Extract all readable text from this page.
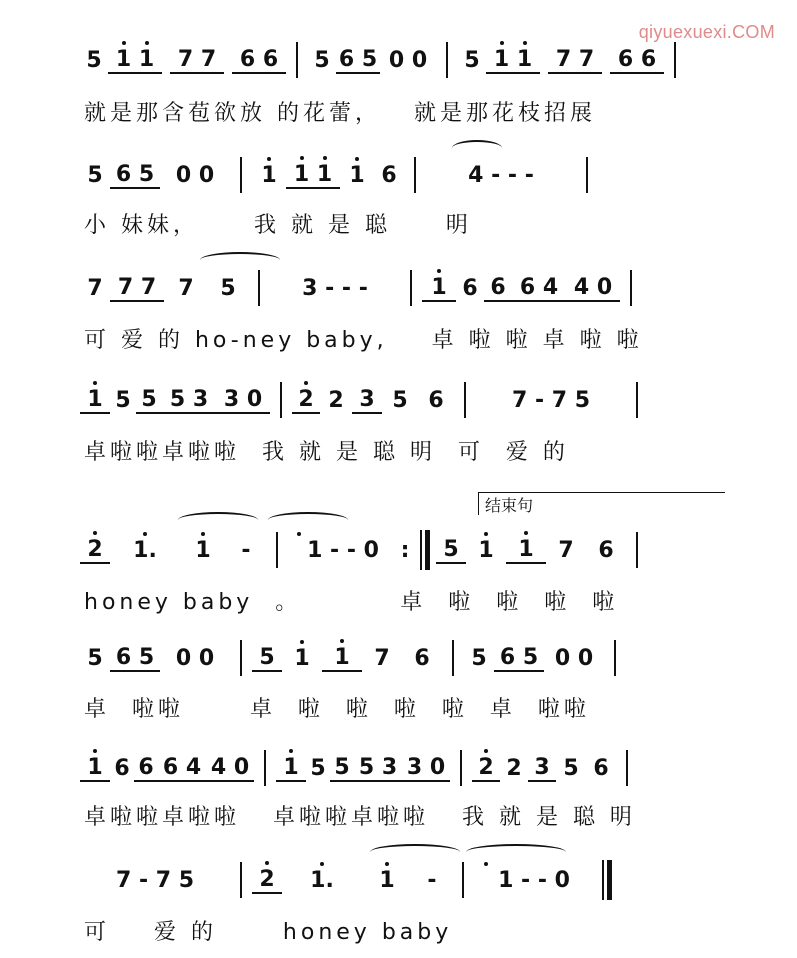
qiyuexuexi.COM
5 1 1	7 7	6 6	5 6 5 0 0	5 1 1	7 7	6 6
就是那含苞欲放 的花蕾，   就是那花枝招展
5 6 5 0 0	1 1 1 1 6	4 - - -
小 妹妹，     我 就 是 聪     明
7 7 7	7	5	3 - - -	1 6 6 6 4 4 0
可 爱 的 ho-ney baby,    卓 啦 啦 卓 啦 啦
1 5 5 5 3 3 0	2 2 3 5 6	7 - 7 5
卓啦啦卓啦啦  我 就 是 聪 明  可  爱 的
结束句
2	1.	1	-	1 - - 0 :	5 1	1	7	6
honey baby  。         卓  啦  啦  啦  啦
5 6 5 0 0	5 1	1	7	6	5 6 5 0 0
卓  啦啦      卓  啦  啦  啦  啦  卓  啦啦
1 6 6 6 4 4 0	1 5 5 5 3 3 0 2 2 3 5 6
卓啦啦卓啦啦   卓啦啦卓啦啦   我 就 是 聪 明
7 - 7 5	2	1.	1	-	1 - - 0
可    爱 的      honey baby
